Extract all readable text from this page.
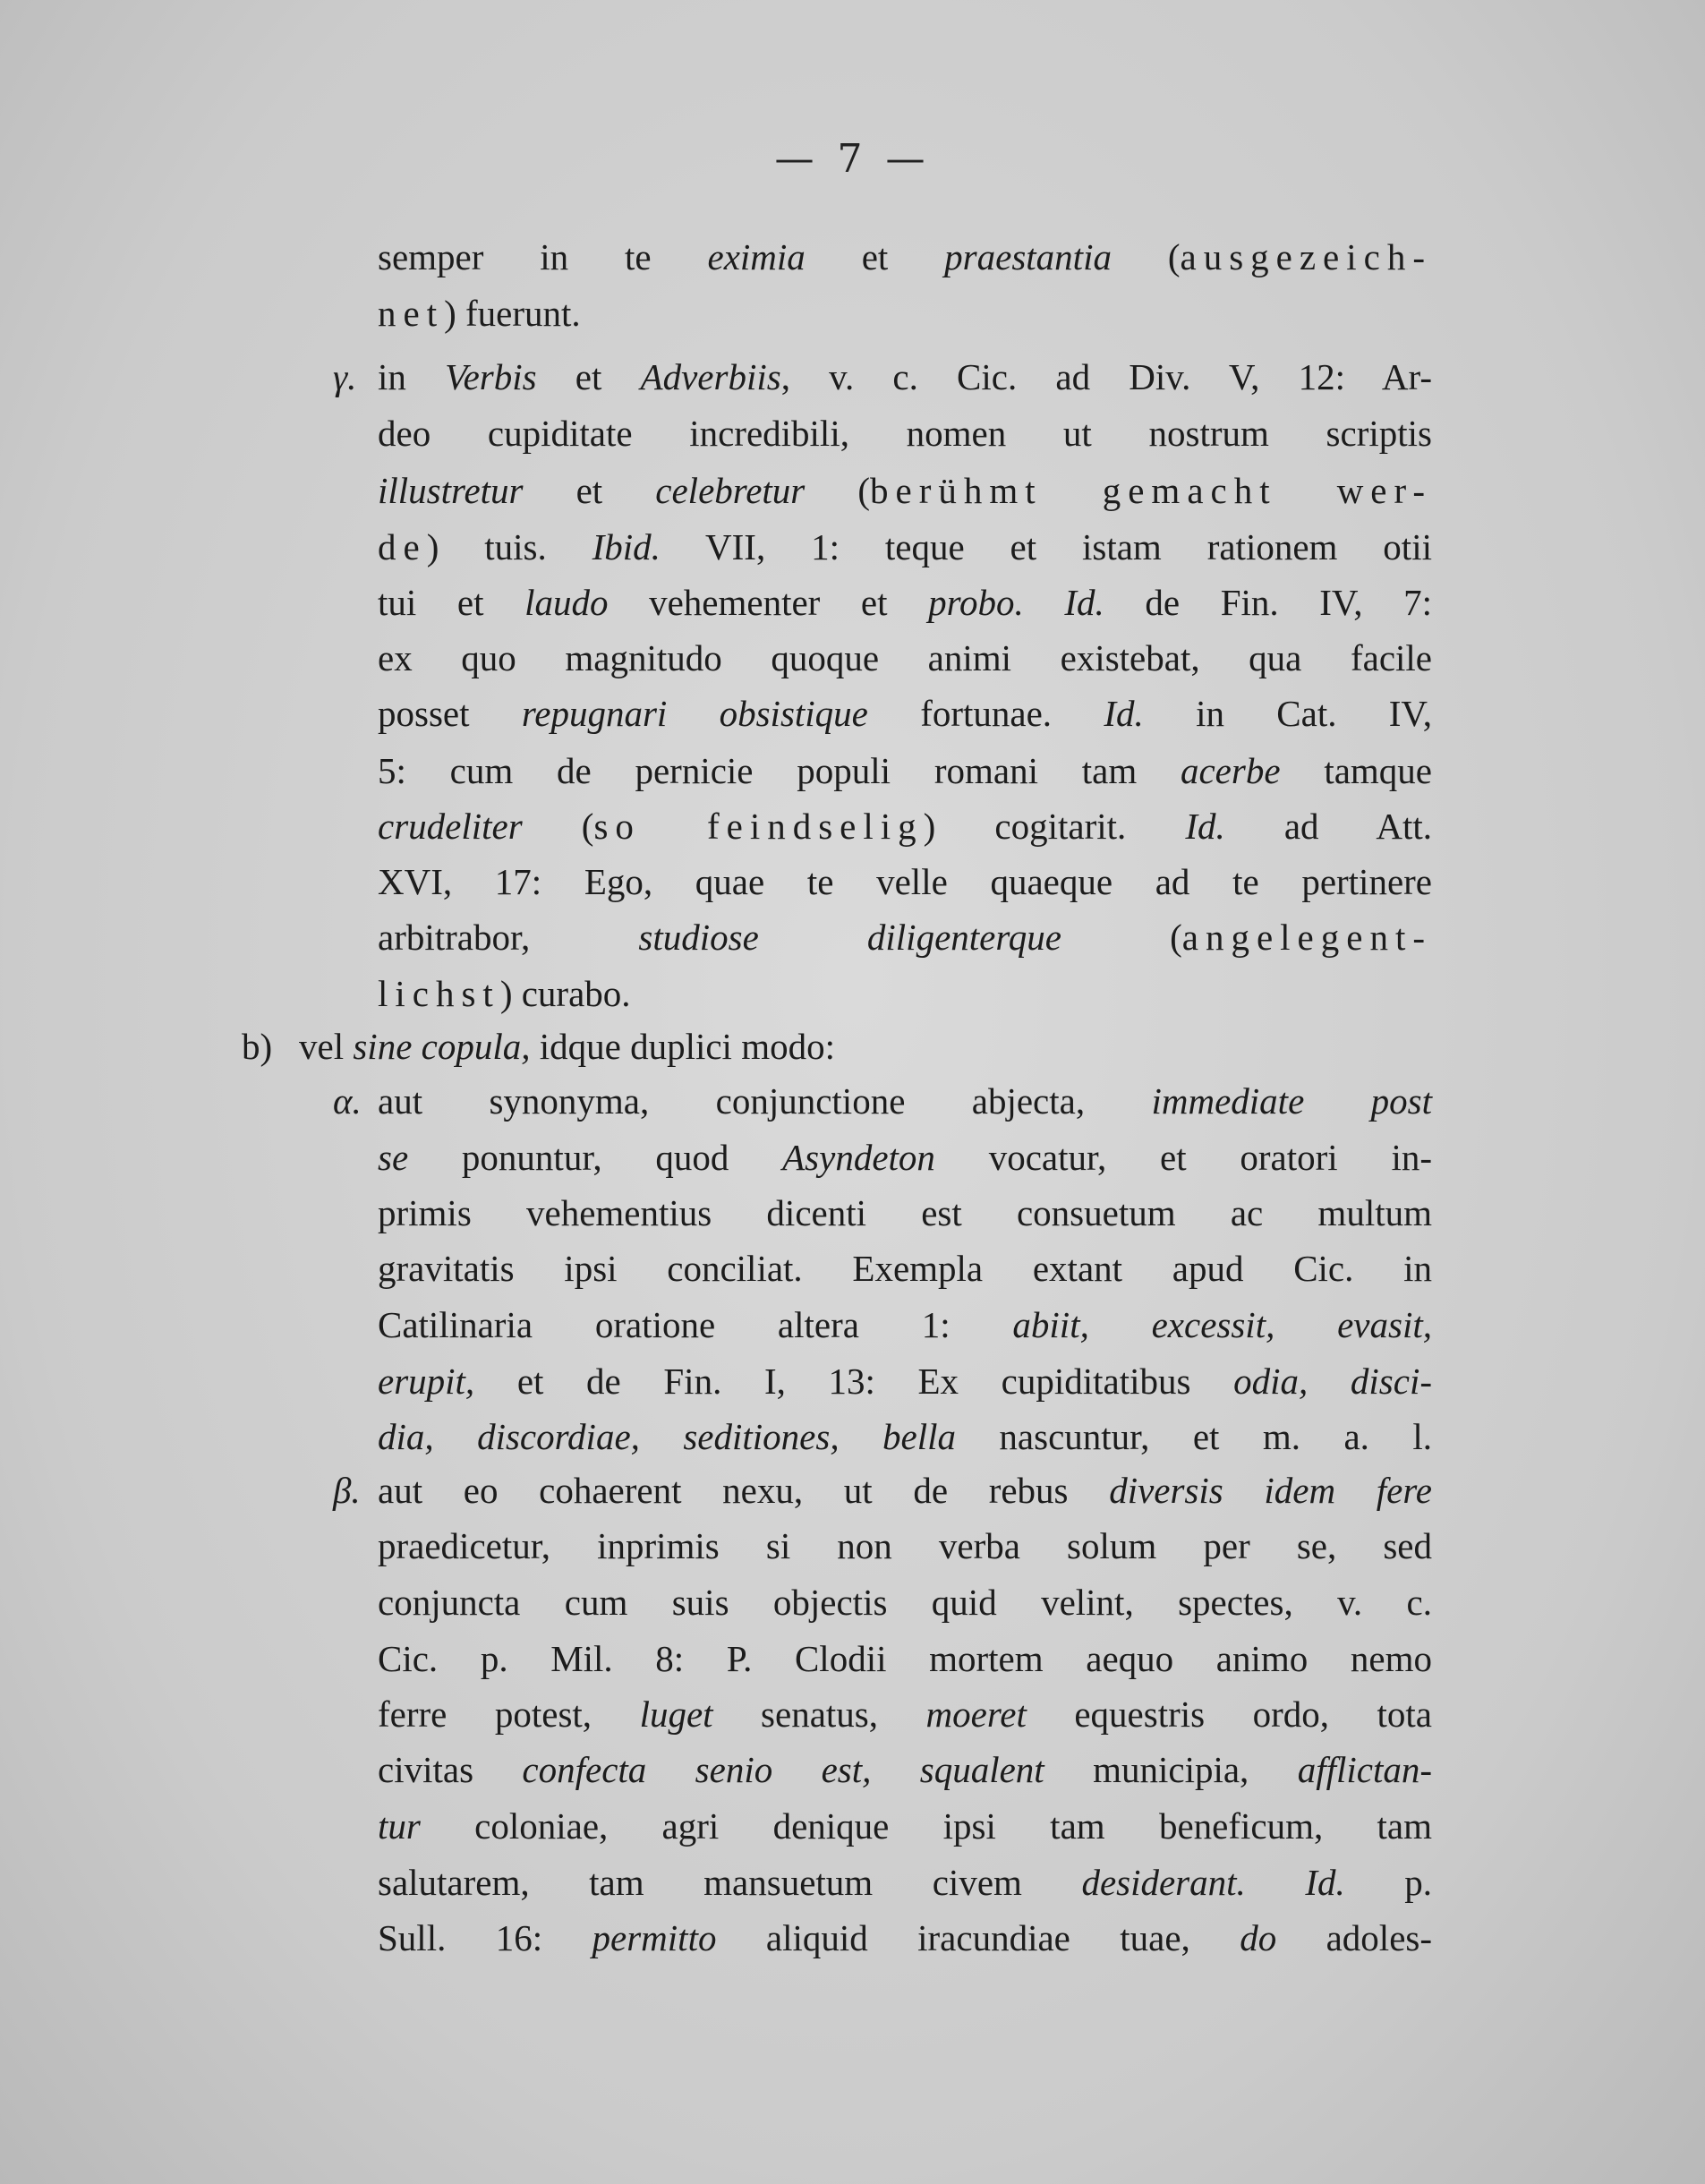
— 7 —
γ.
b)
α.
β.
semper in te eximia et praestantia (ausgezeich-
net) fuerunt.
in Verbis et Adverbiis, v. c. Cic. ad Div. V, 12: Ar-
deo cupiditate incredibili, nomen ut nostrum scriptis
illustretur et celebretur (berühmt gemacht wer-
de) tuis. Ibid. VII, 1: teque et istam rationem otii
tui et laudo vehementer et probo. Id. de Fin. IV, 7:
ex quo magnitudo quoque animi existebat, qua facile
posset repugnari obsistique fortunae. Id. in Cat. IV,
5: cum de pernicie populi romani tam acerbe tamque
crudeliter (so feindselig) cogitarit. Id. ad Att.
XVI, 17: Ego, quae te velle quaeque ad te pertinere
arbitrabor, studiose diligenterque (angelegent-
lichst) curabo.
vel sine copula, idque duplici modo:
aut synonyma, conjunctione abjecta, immediate post
se ponuntur, quod Asyndeton vocatur, et oratori in-
primis vehementius dicenti est consuetum ac multum
gravitatis ipsi conciliat. Exempla extant apud Cic. in
Catilinaria oratione altera 1: abiit, excessit, evasit,
erupit, et de Fin. I, 13: Ex cupiditatibus odia, disci-
dia, discordiae, seditiones, bella nascuntur, et m. a. l.
aut eo cohaerent nexu, ut de rebus diversis idem fere
praedicetur, inprimis si non verba solum per se, sed
conjuncta cum suis objectis quid velint, spectes, v. c.
Cic. p. Mil. 8: P. Clodii mortem aequo animo nemo
ferre potest, luget senatus, moeret equestris ordo, tota
civitas confecta senio est, squalent municipia, afflictan-
tur coloniae, agri denique ipsi tam beneficum, tam
salutarem, tam mansuetum civem desiderant. Id. p.
Sull. 16: permitto aliquid iracundiae tuae, do adoles-
